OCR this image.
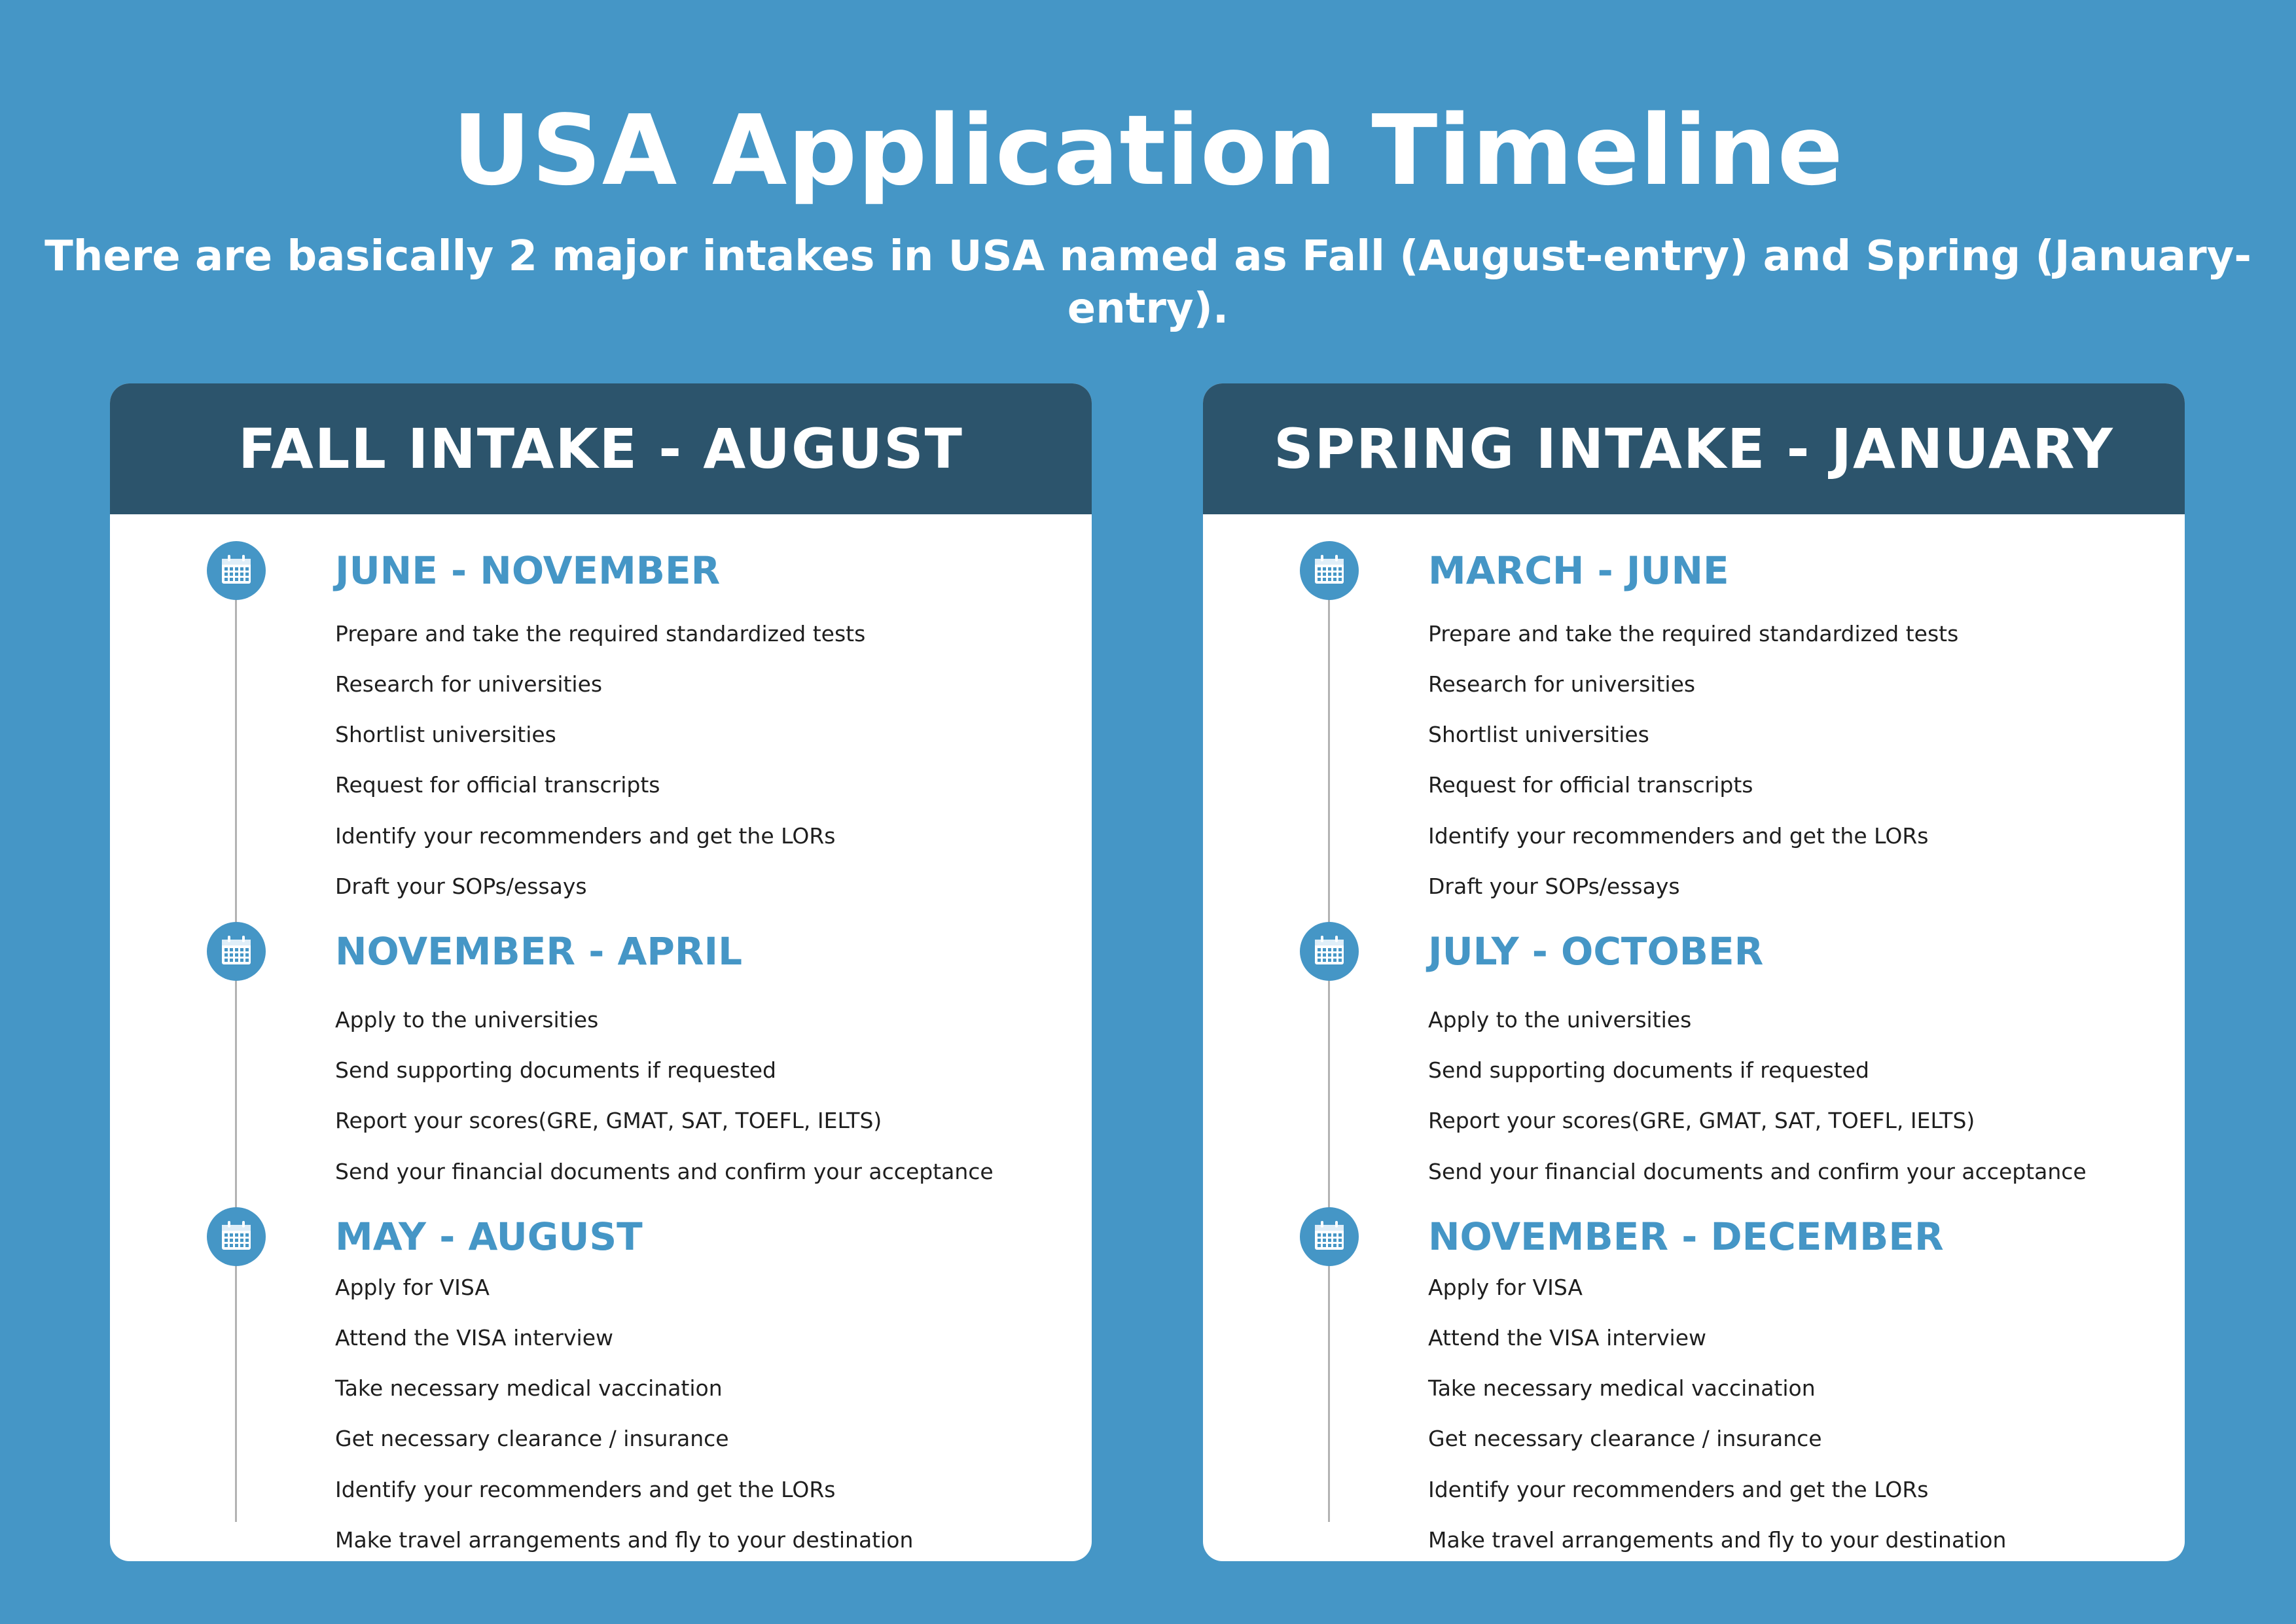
USA Application Timeline
There are basically 2 major intakes in USA named as Fall (August-entry) and Spring (January-entry).
FALL INTAKE - AUGUST
JUNE - NOVEMBER
Prepare and take the required standardized tests
Research for universities
Shortlist universities
Request for official transcripts
Identify your recommenders and get the LORs
Draft your SOPs/essays
NOVEMBER - APRIL
Apply to the universities
Send supporting documents if requested
Report your scores(GRE, GMAT, SAT, TOEFL, IELTS)
Send your financial documents and confirm your acceptance
MAY - AUGUST
Apply for VISA
Attend the VISA interview
Take necessary medical vaccination
Get necessary clearance / insurance
Identify your recommenders and get the LORs
Make travel arrangements and fly to your destination
SPRING INTAKE - JANUARY
MARCH - JUNE
Prepare and take the required standardized tests
Research for universities
Shortlist universities
Request for official transcripts
Identify your recommenders and get the LORs
Draft your SOPs/essays
JULY - OCTOBER
Apply to the universities
Send supporting documents if requested
Report your scores(GRE, GMAT, SAT, TOEFL, IELTS)
Send your financial documents and confirm your acceptance
NOVEMBER - DECEMBER
Apply for VISA
Attend the VISA interview
Take necessary medical vaccination
Get necessary clearance / insurance
Identify your recommenders and get the LORs
Make travel arrangements and fly to your destination
